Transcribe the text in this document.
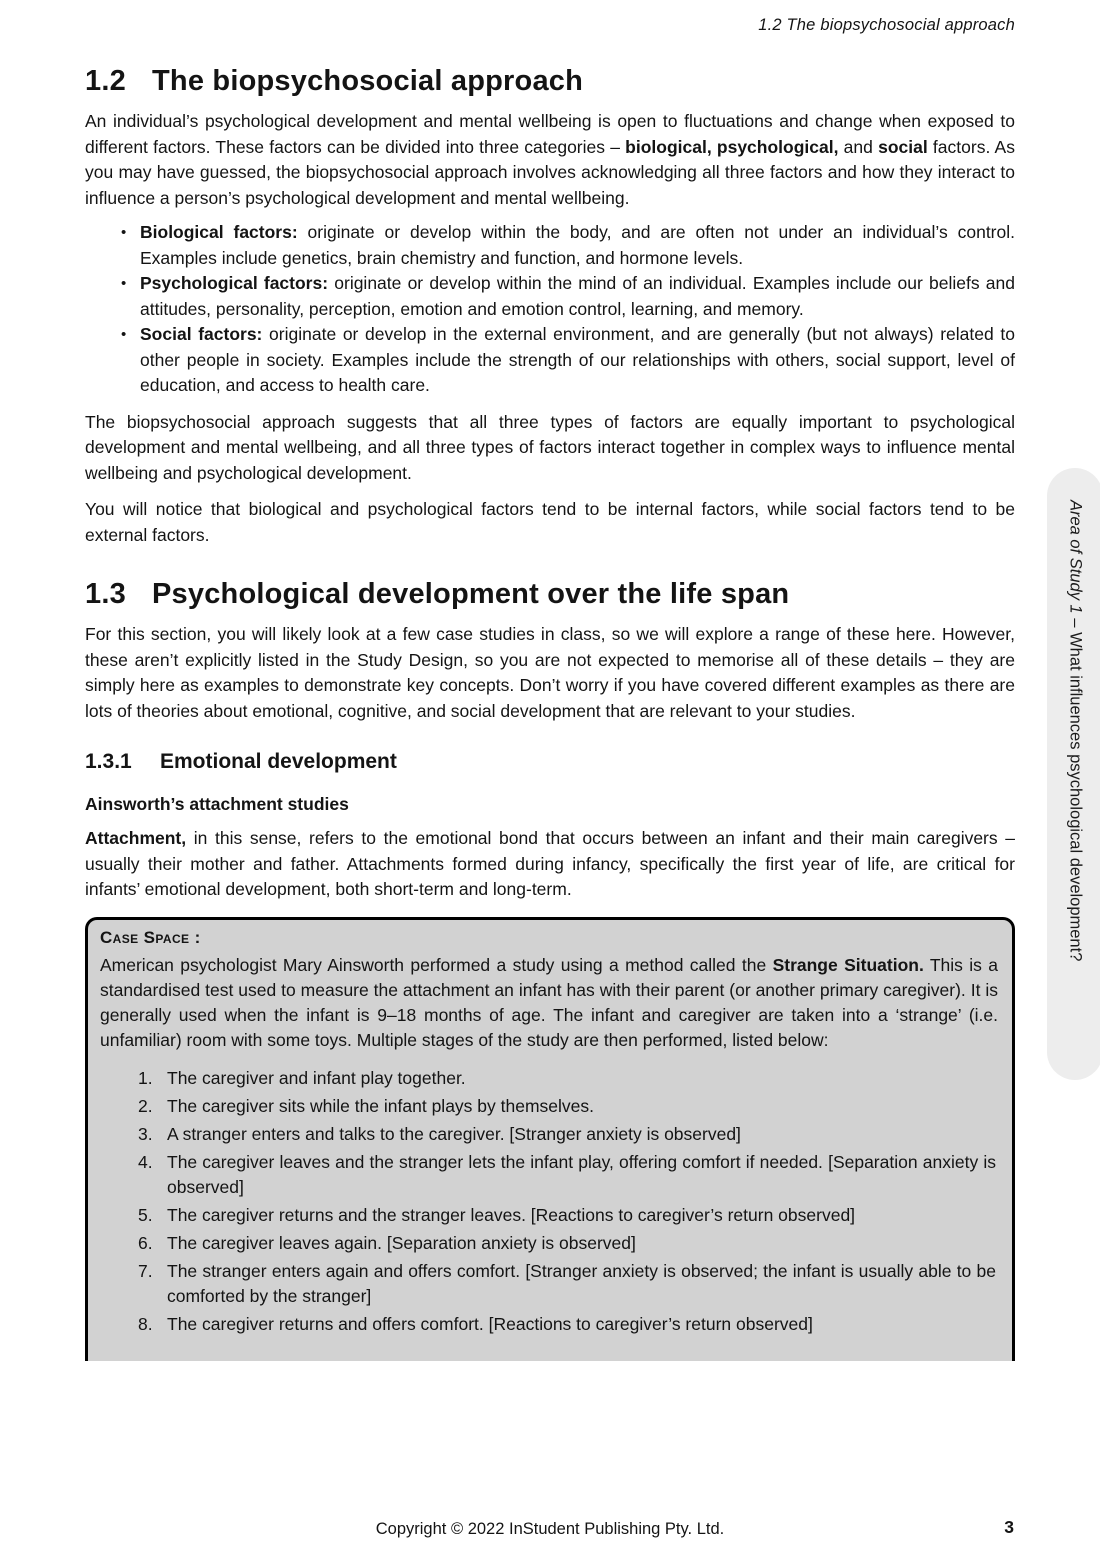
1.2 The biopsychosocial approach
1.2 The biopsychosocial approach

An individual’s psychological development and mental wellbeing is open to fluctuations and change when exposed to different factors. These factors can be divided into three categories – biological, psychological, and social factors. As you may have guessed, the biopsychosocial approach involves acknowledging all three factors and how they interact to influence a person’s psychological development and mental wellbeing.

• Biological factors: originate or develop within the body, and are often not under an individual’s control. Examples include genetics, brain chemistry and function, and hormone levels.
• Psychological factors: originate or develop within the mind of an individual. Examples include our beliefs and attitudes, personality, perception, emotion and emotion control, learning, and memory.
• Social factors: originate or develop in the external environment, and are generally (but not always) related to other people in society. Examples include the strength of our relationships with others, social support, level of education, and access to health care.

The biopsychosocial approach suggests that all three types of factors are equally important to psychological development and mental wellbeing, and all three types of factors interact together in complex ways to influence mental wellbeing and psychological development.

You will notice that biological and psychological factors tend to be internal factors, while social factors tend to be external factors.

1.3 Psychological development over the life span

For this section, you will likely look at a few case studies in class, so we will explore a range of these here. However, these aren’t explicitly listed in the Study Design, so you are not expected to memorise all of these details – they are simply here as examples to demonstrate key concepts. Don’t worry if you have covered different examples as there are lots of theories about emotional, cognitive, and social development that are relevant to your studies.

1.3.1	Emotional development
Ainsworth’s attachment studies

Attachment, in this sense, refers to the emotional bond that occurs between an infant and their main caregivers – usually their mother and father. Attachments formed during infancy, specifically the first year of life, are critical for infants’ emotional development, both short-term and long-term.

Case Space :

American psychologist Mary Ainsworth performed a study using a method called the Strange Situation. This is a standardised test used to measure the attachment an infant has with their parent (or another primary caregiver). It is generally used when the infant is 9–18 months of age. The infant and caregiver are taken into a ‘strange’ (i.e. unfamiliar) room with some toys. Multiple stages of the study are then performed, listed below:

1. The caregiver and infant play together.
2. The caregiver sits while the infant plays by themselves.
3. A stranger enters and talks to the caregiver. [Stranger anxiety is observed]
4. The caregiver leaves and the stranger lets the infant play, offering comfort if needed. [Separation anxiety is observed]
5. The caregiver returns and the stranger leaves. [Reactions to caregiver’s return observed]
6. The caregiver leaves again. [Separation anxiety is observed]
7. The stranger enters again and offers comfort. [Stranger anxiety is observed; the infant is usually able to be comforted by the stranger]
8. The caregiver returns and offers comfort. [Reactions to caregiver’s return observed]
Area of Study 1 – What influences psychological development?
Copyright © 2022 InStudent Publishing Pty. Ltd.	3
